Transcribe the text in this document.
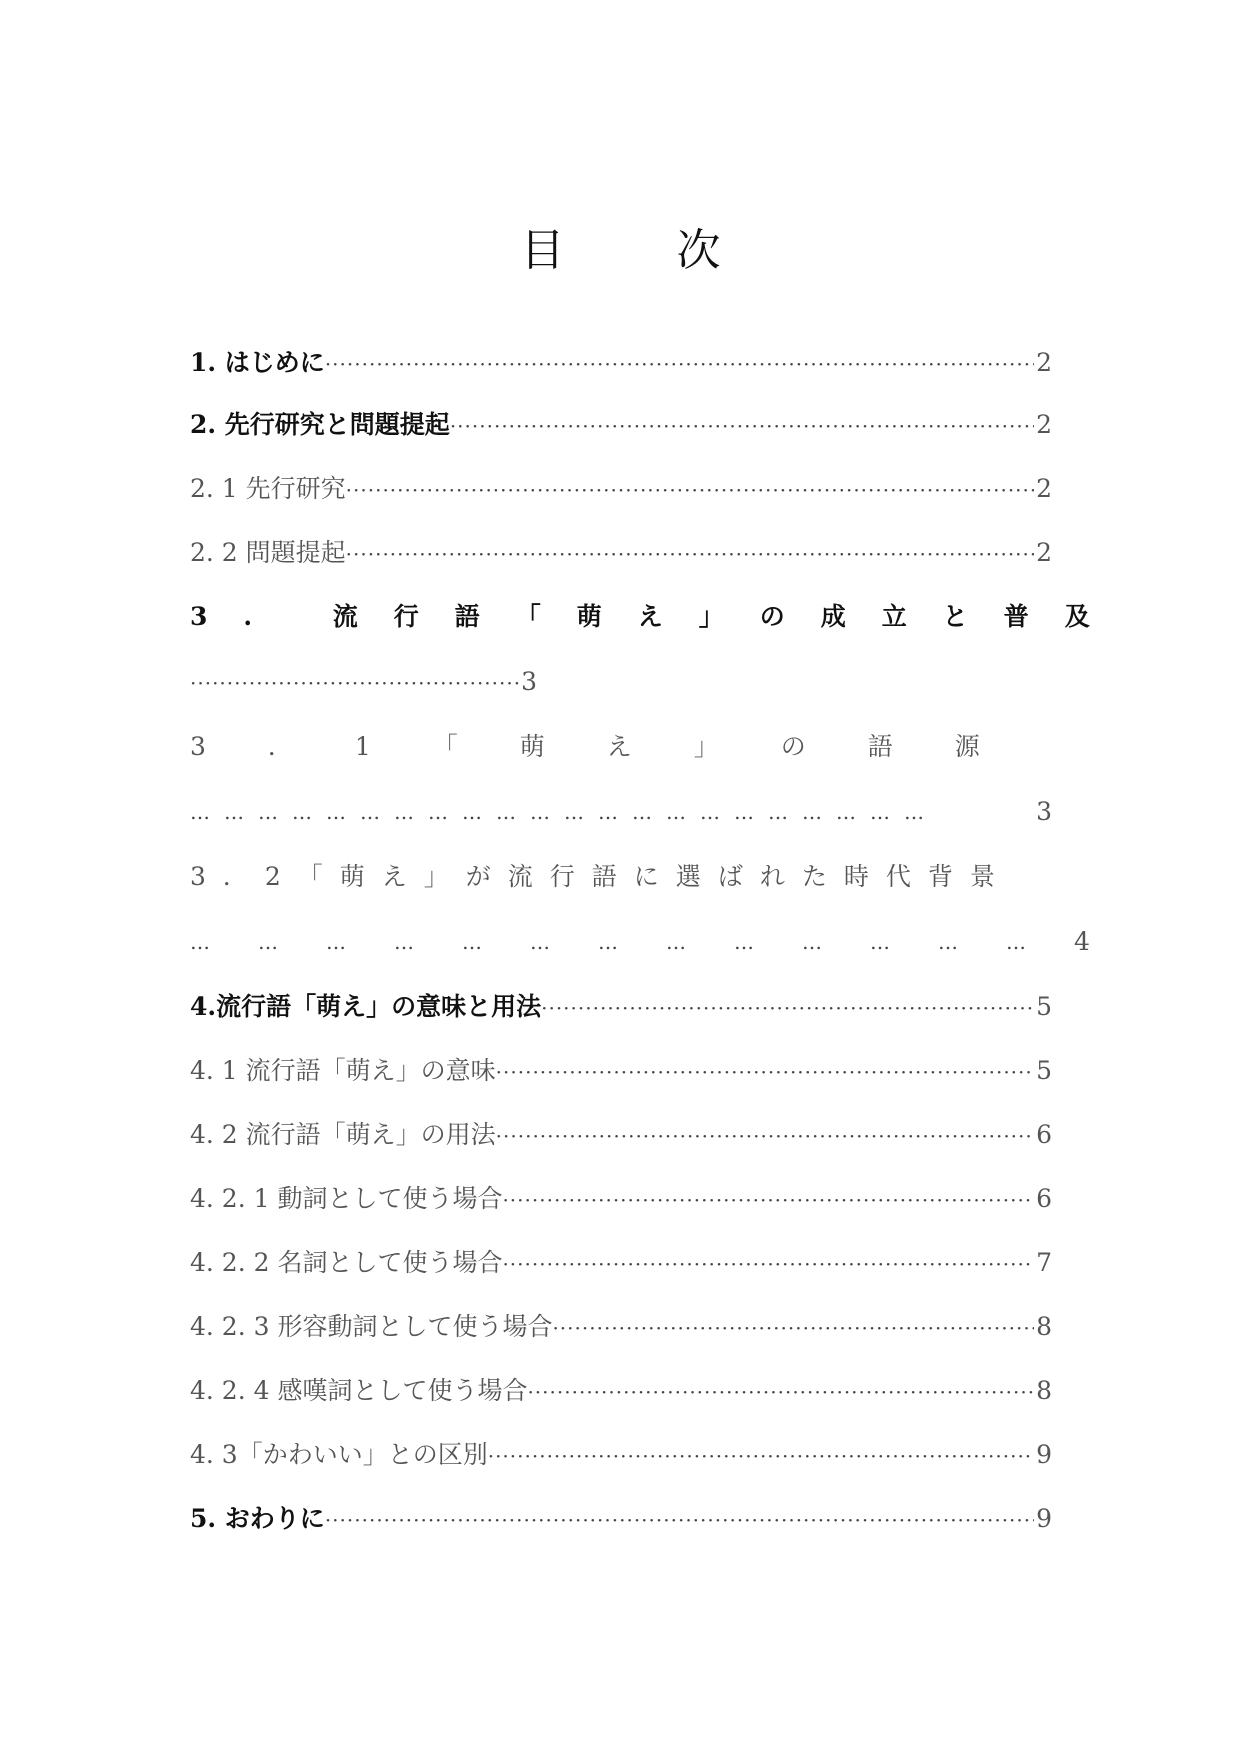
目　次
1. はじめに ·····	2
2. 先行研究と問題提起 ·····	2
2. 1 先行研究 ·····	2
2. 2 問題提起 ·····	2
3. 流行語「萌え」の成立と普及
·············································3
3．1「萌え」の語源
…………………………………………………………	3
3．2「萌え」が流行語に選ばれた時代背景
………………………………… 4
4.流行語「萌え」の意味と用法 ·····	5
4. 1 流行語「萌え」の意味 ·····	5
4. 2 流行語「萌え」の用法 ·····	6
4. 2. 1 動詞として使う場合 ·····	6
4. 2. 2 名詞として使う場合 ·····	7
4. 2. 3 形容動詞として使う場合 ·····	8
4. 2. 4 感嘆詞として使う場合 ·····	8
4. 3「かわいい」との区別 ·····	9
5. おわりに ·····	9
